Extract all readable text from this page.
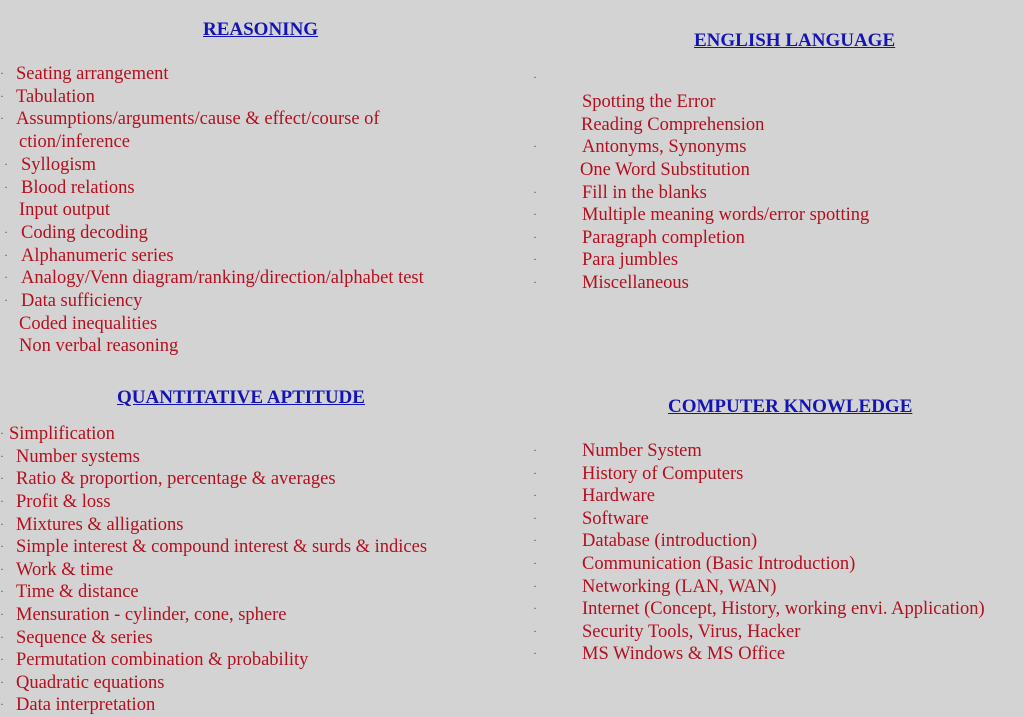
REASONING
ENGLISH LANGUAGE
QUANTITATIVE APTITUDE	COMPUTER KNOWLEDGE
· Seating arrangement
· Tabulation
· Assumptions/arguments/cause & effect/course of
ction/inference
· Syllogism
· Blood relations
Input output
· Coding decoding
· Alphanumeric series
· Analogy/Venn diagram/ranking/direction/alphabet test
· Data sufficiency
Coded inequalities
Non verbal reasoning
·
Spotting the Error
Reading Comprehension
· Antonyms, Synonyms
One Word Substitution
· Fill in the blanks
· Multiple meaning words/error spotting
· Paragraph completion
· Para jumbles
· Miscellaneous
· Simplification
· Number systems
· Ratio & proportion, percentage & averages
· Profit & loss
· Mixtures & alligations
· Simple interest & compound interest & surds & indices
· Work & time
· Time & distance
· Mensuration - cylinder, cone, sphere
· Sequence & series
· Permutation combination & probability
· Quadratic equations
· Data interpretation
· Number System
· History of Computers
· Hardware
· Software
· Database (introduction)
· Communication (Basic Introduction)
· Networking (LAN, WAN)
· Internet (Concept, History, working envi. Application)
· Security Tools, Virus, Hacker
· MS Windows & MS Office
